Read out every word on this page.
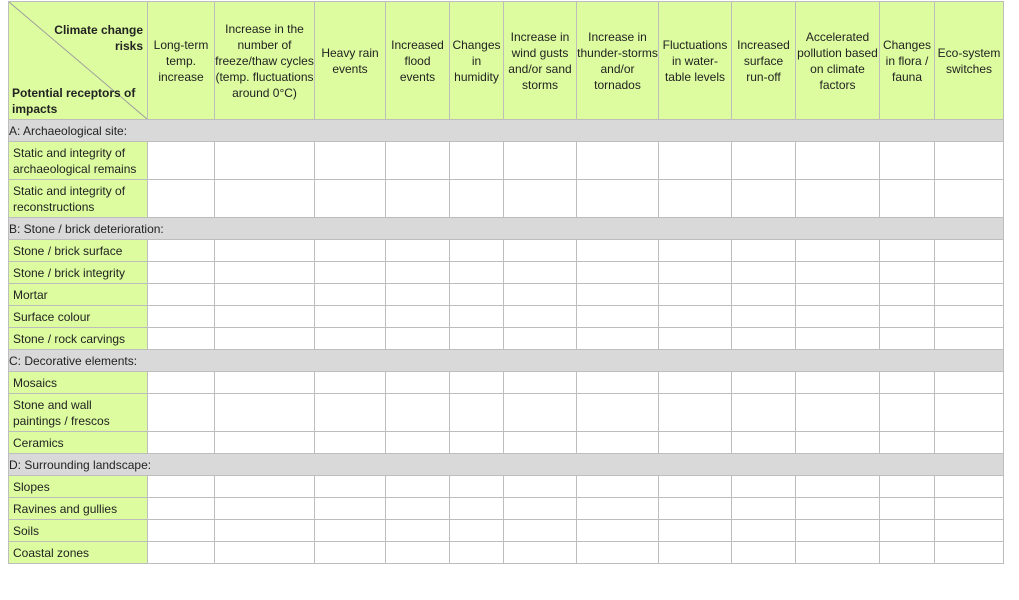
Climate change risks
Potential receptors of impacts	Long-term temp. increase	Increase in the number of freeze/thaw cycles (temp. fluctuations around 0°C)	Heavy rain events	Increased flood events	Changes in humidity	Increase in wind gusts and/or sand storms	Increase in thunder-storms and/or tornados	Fluctuations in water-table levels	Increased surface run-off	Accelerated pollution based on climate factors	Changes in flora / fauna	Eco-system switches
A: Archaeological site:												
Static and integrity of archaeological remains												
Static and integrity of reconstructions												
B: Stone / brick deterioration:												
Stone / brick surface												
Stone / brick integrity												
Mortar												
Surface colour												
Stone / rock carvings												
C: Decorative elements:												
Mosaics												
Stone and wall paintings / frescos												
Ceramics												
D: Surrounding landscape:												
Slopes												
Ravines and gullies												
Soils												
Coastal zones												
